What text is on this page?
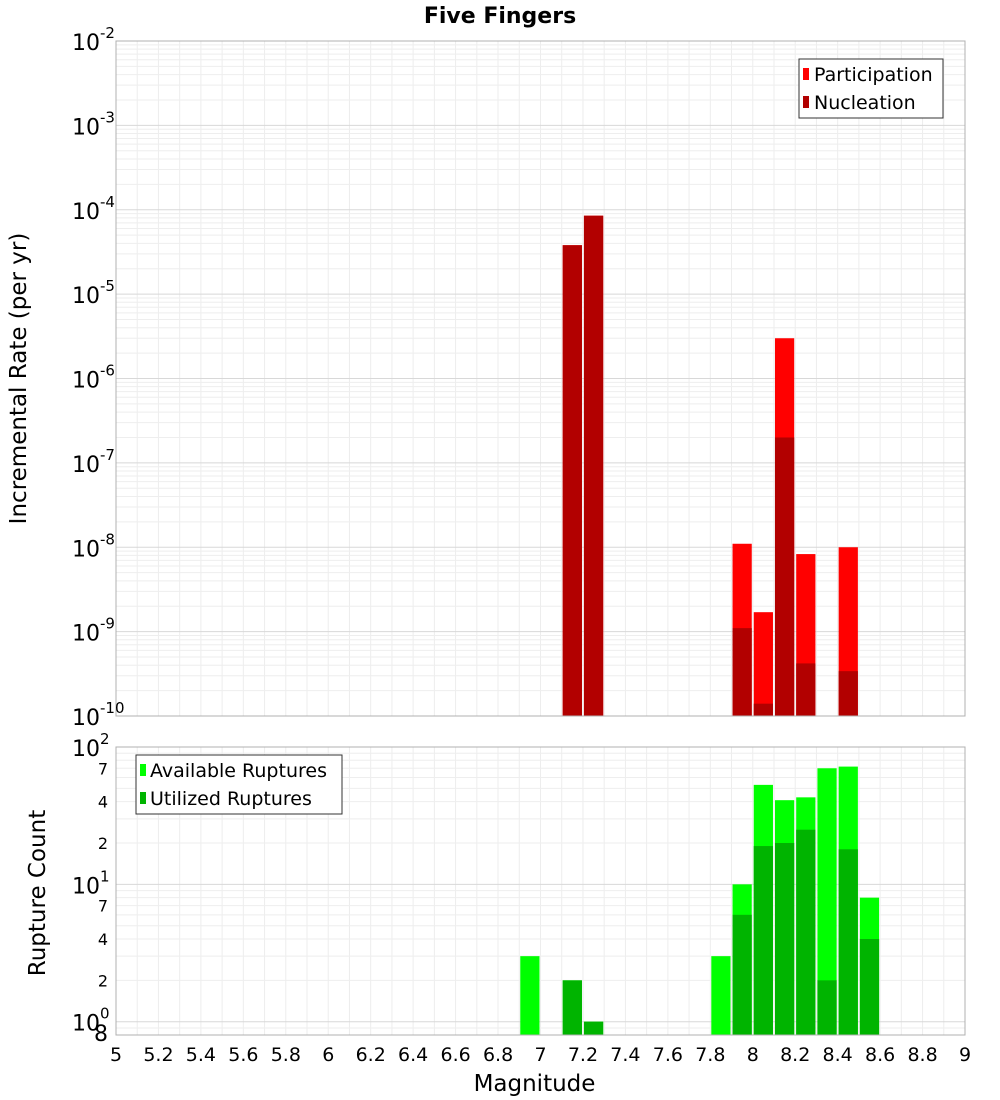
Five Fingers
$10^{-2}$
$10^{-3}$
$10^{-4}$
$10^{-5}$
$10^{-6}$
$10^{-7}$
$10^{-8}$
$10^{-9}$
$10^{-10}$
Incremental Rate (per yr)
Participation
Nucleation
$10^2$
$10^1$
$10^0$
7
4
2
7
4
2
8
5 5.2 5.4 5.6 5.8 6 6.2 6.4 6.6 6.8 7 7.2 7.4 7.6 7.8 8 8.2 8.4 8.6 8.8 9
Magnitude
Rupture Count
Available Ruptures
Utilized Ruptures
